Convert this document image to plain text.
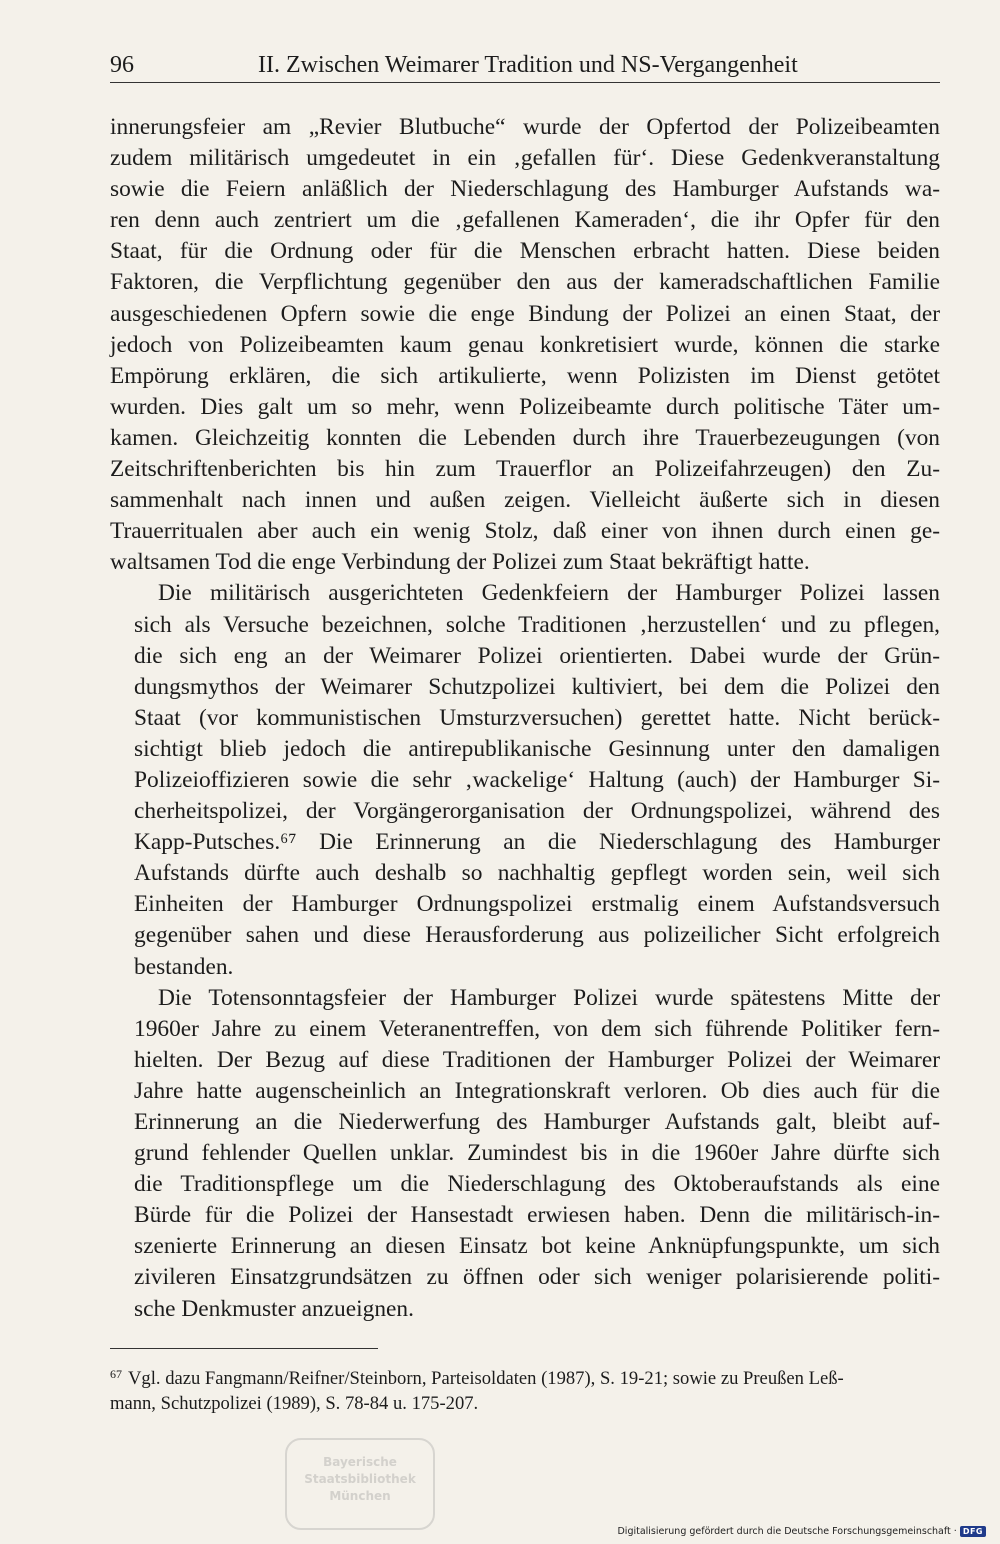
96	II. Zwischen Weimarer Tradition und NS-Vergangenheit

innerungsfeier am „Revier Blutbuche“ wurde der Opfertod der Polizeibeamten
zudem militärisch umgedeutet in ein ‚gefallen für‘. Diese Gedenkveranstaltung
sowie die Feiern anläßlich der Niederschlagung des Hamburger Aufstands wa-
ren denn auch zentriert um die ‚gefallenen Kameraden‘, die ihr Opfer für den
Staat, für die Ordnung oder für die Menschen erbracht hatten. Diese beiden
Faktoren, die Verpflichtung gegenüber den aus der kameradschaftlichen Familie
ausgeschiedenen Opfern sowie die enge Bindung der Polizei an einen Staat, der
jedoch von Polizeibeamten kaum genau konkretisiert wurde, können die starke
Empörung erklären, die sich artikulierte, wenn Polizisten im Dienst getötet
wurden. Dies galt um so mehr, wenn Polizeibeamte durch politische Täter um-
kamen. Gleichzeitig konnten die Lebenden durch ihre Trauerbezeugungen (von
Zeitschriftenberichten bis hin zum Trauerflor an Polizeifahrzeugen) den Zu-
sammenhalt nach innen und außen zeigen. Vielleicht äußerte sich in diesen
Trauerritualen aber auch ein wenig Stolz, daß einer von ihnen durch einen ge-
waltsamen Tod die enge Verbindung der Polizei zum Staat bekräftigt hatte.

Die militärisch ausgerichteten Gedenkfeiern der Hamburger Polizei lassen
sich als Versuche bezeichnen, solche Traditionen ‚herzustellen‘ und zu pflegen,
die sich eng an der Weimarer Polizei orientierten. Dabei wurde der Grün-
dungsmythos der Weimarer Schutzpolizei kultiviert, bei dem die Polizei den
Staat (vor kommunistischen Umsturzversuchen) gerettet hatte. Nicht berück-
sichtigt blieb jedoch die antirepublikanische Gesinnung unter den damaligen
Polizeioffizieren sowie die sehr ‚wackelige‘ Haltung (auch) der Hamburger Si-
cherheitspolizei, der Vorgängerorganisation der Ordnungspolizei, während des
Kapp-Putsches.⁶⁷ Die Erinnerung an die Niederschlagung des Hamburger
Aufstands dürfte auch deshalb so nachhaltig gepflegt worden sein, weil sich
Einheiten der Hamburger Ordnungspolizei erstmalig einem Aufstandsversuch
gegenüber sahen und diese Herausforderung aus polizeilicher Sicht erfolgreich
bestanden.

Die Totensonntagsfeier der Hamburger Polizei wurde spätestens Mitte der
1960er Jahre zu einem Veteranentreffen, von dem sich führende Politiker fern-
hielten. Der Bezug auf diese Traditionen der Hamburger Polizei der Weimarer
Jahre hatte augenscheinlich an Integrationskraft verloren. Ob dies auch für die
Erinnerung an die Niederwerfung des Hamburger Aufstands galt, bleibt auf-
grund fehlender Quellen unklar. Zumindest bis in die 1960er Jahre dürfte sich
die Traditionspflege um die Niederschlagung des Oktoberaufstands als eine
Bürde für die Polizei der Hansestadt erwiesen haben. Denn die militärisch-in-
szenierte Erinnerung an diesen Einsatz bot keine Anknüpfungspunkte, um sich
zivileren Einsatzgrundsätzen zu öffnen oder sich weniger polarisierende politi-
sche Denkmuster anzueignen.

$^{67}$ Vgl. dazu Fangmann/Reifner/Steinborn, Parteisoldaten (1987), S. 19-21; sowie zu Preußen Leß-
mann, Schutzpolizei (1989), S. 78-84 u. 175-207.
Bayerische
Staatsbibliothek
München
Digitalisierung gefördert durch die Deutsche Forschungsgemeinschaft · DFG
